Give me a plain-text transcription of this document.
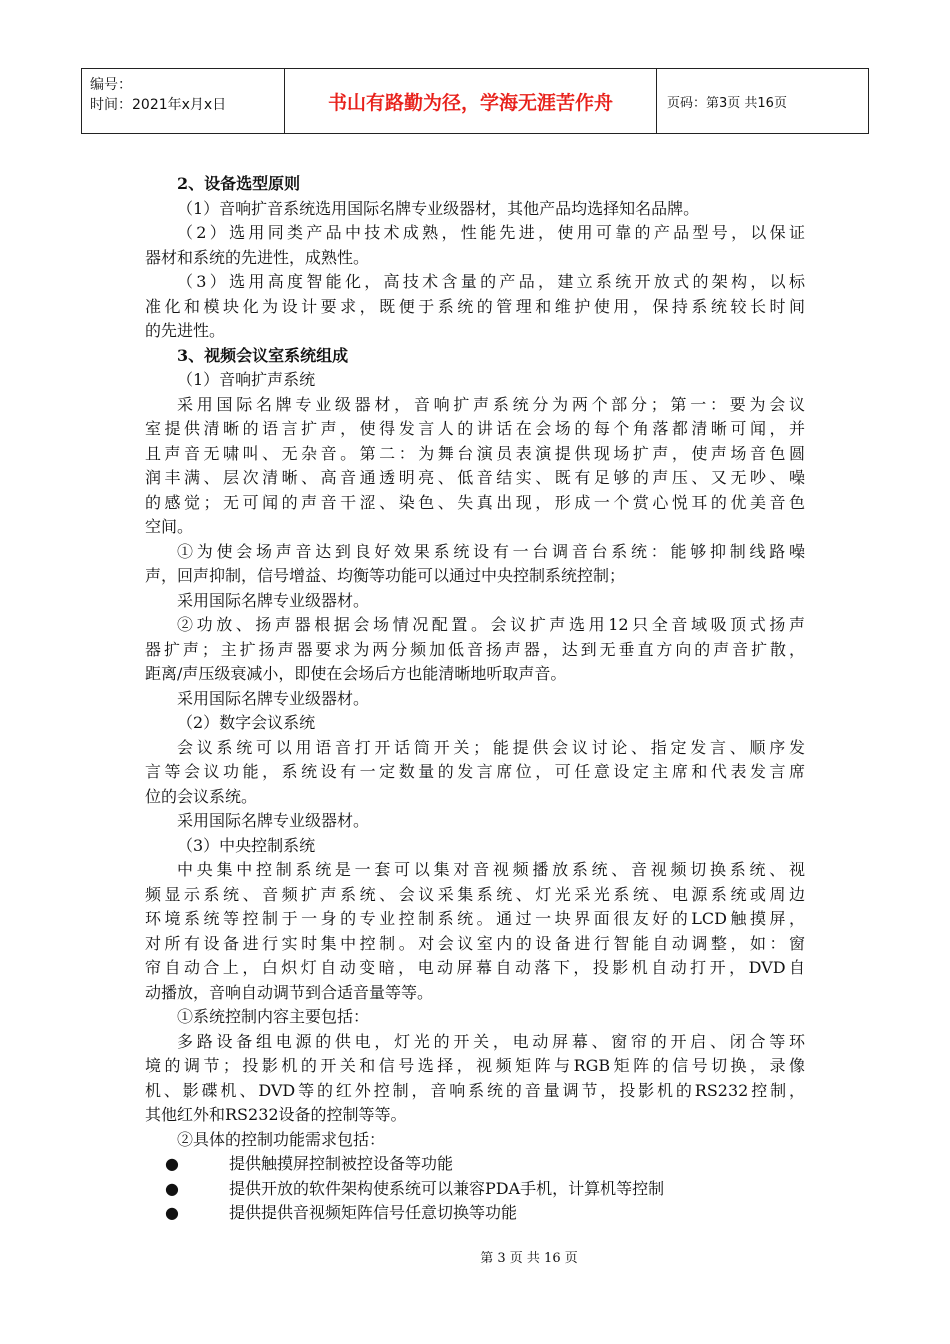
编号：
时间：2021年x月x日	书山有路勤为径，学海无涯苦作舟	页码：第3页 共16页
2、设备选型原则
（1）音响扩音系统选用国际名牌专业级器材，其他产品均选择知名品牌。
（2）选用同类产品中技术成熟，性能先进，使用可靠的产品型号，以保证
器材和系统的先进性，成熟性。
（3）选用高度智能化，高技术含量的产品，建立系统开放式的架构，以标
准化和模块化为设计要求，既便于系统的管理和维护使用，保持系统较长时间
的先进性。
3、视频会议室系统组成
（1）音响扩声系统
采用国际名牌专业级器材，音响扩声系统分为两个部分；第一：要为会议
室提供清晰的语言扩声，使得发言人的讲话在会场的每个角落都清晰可闻，并
且声音无啸叫、无杂音。第二：为舞台演员表演提供现场扩声，使声场音色圆
润丰满、层次清晰、高音通透明亮、低音结实、既有足够的声压、又无吵、噪
的感觉；无可闻的声音干涩、染色、失真出现，形成一个赏心悦耳的优美音色
空间。
①为使会场声音达到良好效果系统设有一台调音台系统：能够抑制线路噪
声，回声抑制，信号增益、均衡等功能可以通过中央控制系统控制；
采用国际名牌专业级器材。
②功放、扬声器根据会场情况配置。会议扩声选用12只全音域吸顶式扬声
器扩声；主扩扬声器要求为两分频加低音扬声器，达到无垂直方向的声音扩散，
距离/声压级衰减小，即使在会场后方也能清晰地听取声音。
采用国际名牌专业级器材。
（2）数字会议系统
会议系统可以用语音打开话筒开关；能提供会议讨论、指定发言、顺序发
言等会议功能，系统设有一定数量的发言席位，可任意设定主席和代表发言席
位的会议系统。
采用国际名牌专业级器材。
（3）中央控制系统
中央集中控制系统是一套可以集对音视频播放系统、音视频切换系统、视
频显示系统、音频扩声系统、会议采集系统、灯光采光系统、电源系统或周边
环境系统等控制于一身的专业控制系统。通过一块界面很友好的LCD触摸屏，
对所有设备进行实时集中控制。对会议室内的设备进行智能自动调整，如：窗
帘自动合上，白炽灯自动变暗，电动屏幕自动落下，投影机自动打开，DVD自
动播放，音响自动调节到合适音量等等。
①系统控制内容主要包括：
多路设备组电源的供电，灯光的开关，电动屏幕、窗帘的开启、闭合等环
境的调节；投影机的开关和信号选择，视频矩阵与RGB矩阵的信号切换，录像
机、影碟机、DVD等的红外控制，音响系统的音量调节，投影机的RS232控制，
其他红外和RS232设备的控制等等。
②具体的控制功能需求包括：
●	提供触摸屏控制被控设备等功能
●	提供开放的软件架构使系统可以兼容PDA手机，计算机等控制
●	提供提供音视频矩阵信号任意切换等功能
第 3 页 共 16 页
